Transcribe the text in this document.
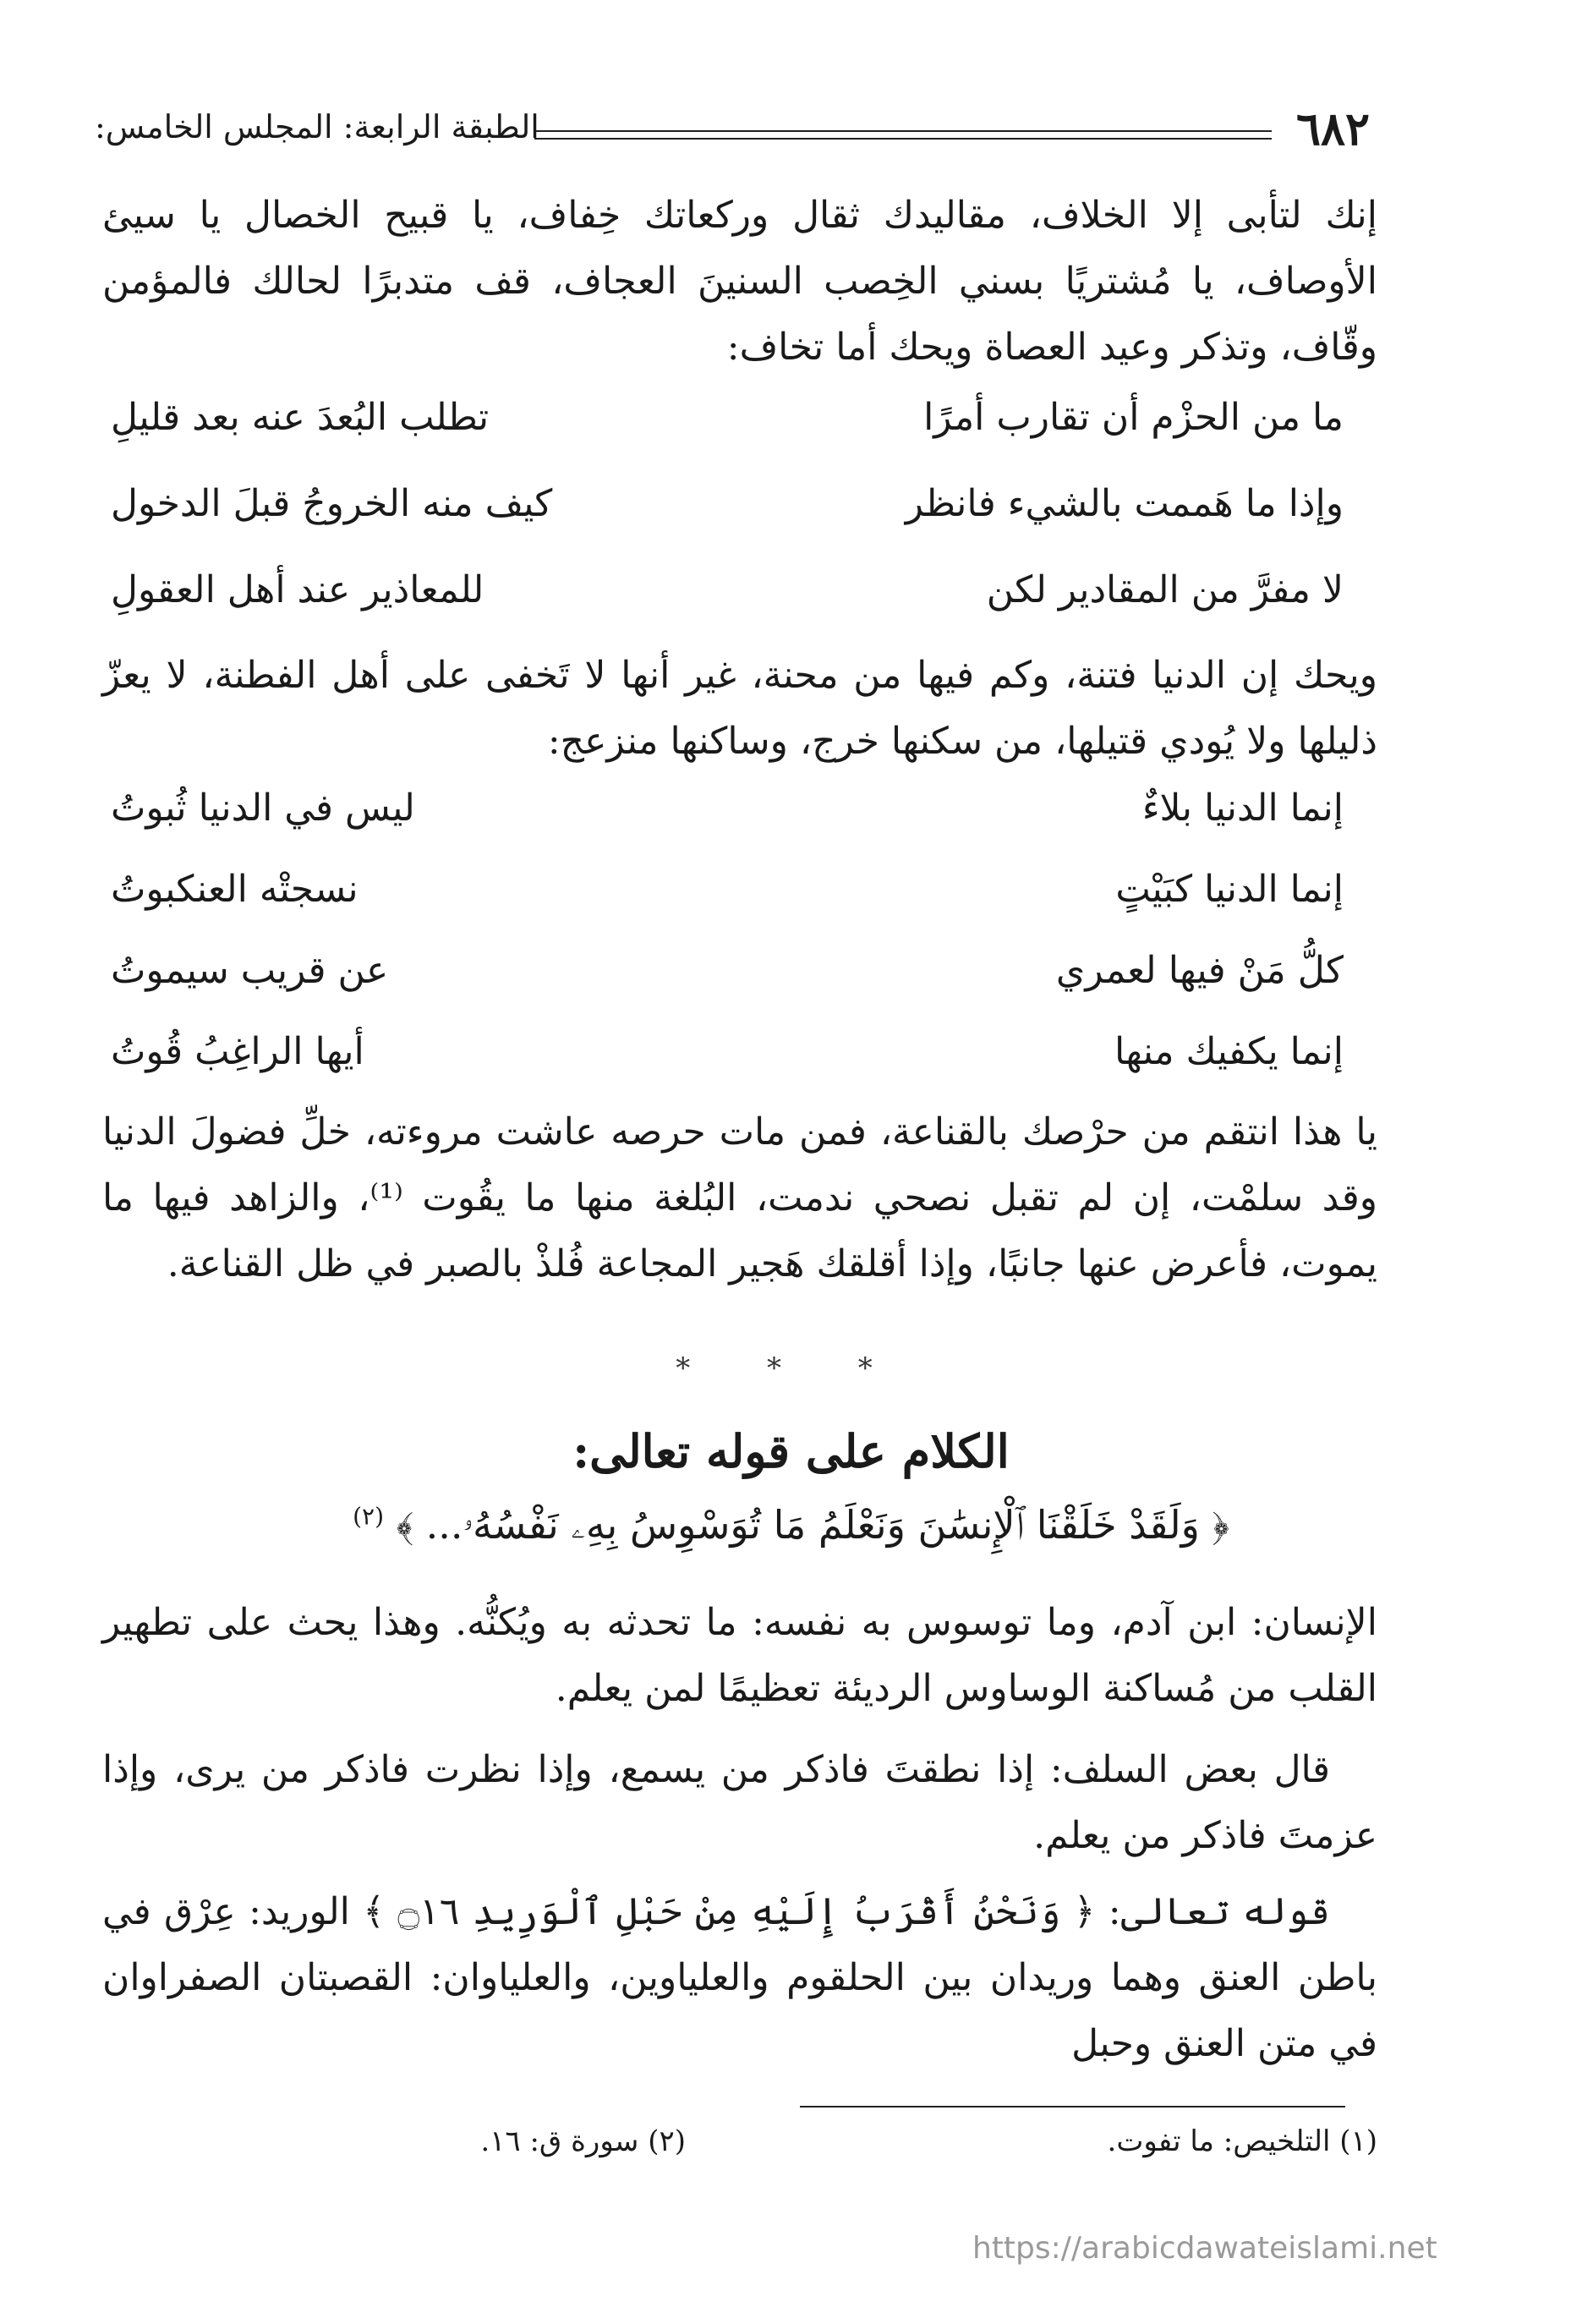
٦٨٢
الطبقة الرابعة: المجلس الخامس:
إنك لتأبى إلا الخلاف، مقاليدك ثقال وركعاتك خِفاف، يا قبيح الخصال يا سيئ الأوصاف، يا مُشتريًا بسني الخِصب السنينَ العجاف، قف متدبرًا لحالك فالمؤمن وقّاف، وتذكر وعيد العصاة ويحك أما تخاف:
ما من الحزْم أن تقارب أمرًا
تطلب البُعدَ عنه بعد قليلِ
وإذا ما هَممت بالشيء فانظر
كيف منه الخروجُ قبلَ الدخول
لا مفرَّ من المقادير لكن
للمعاذير عند أهل العقولِ
ويحك إن الدنيا فتنة، وكم فيها من محنة، غير أنها لا تَخفى على أهل الفطنة، لا يعزّ ذليلها ولا يُودي قتيلها، من سكنها خرج، وساكنها منزعج:
إنما الدنيا بلاءٌ
ليس في الدنيا ثُبوتُ
إنما الدنيا كبَيْتٍ
نسجتْه العنكبوتُ
كلُّ مَنْ فيها لعمري
عن قريب سيموتُ
إنما يكفيك منها
أيها الراغِبُ قُوتُ
يا هذا انتقم من حرْصك بالقناعة، فمن مات حرصه عاشت مروءته، خلِّ فضولَ الدنيا وقد سلمْت، إن لم تقبل نصحي ندمت، البُلغة منها ما يقُوت ⁽¹⁾، والزاهد فيها ما يموت، فأعرض عنها جانبًا، وإذا أقلقك هَجير المجاعة فُلذْ بالصبر في ظل القناعة.
* * *
الكلام على قوله تعالى:
﴿ وَلَقَدْ خَلَقْنَا ٱلْإِنسَٰنَ وَنَعْلَمُ مَا تُوَسْوِسُ بِهِۦ نَفْسُهُۥ... ﴾ $^{(٢)}$
الإنسان: ابن آدم، وما توسوس به نفسه: ما تحدثه به ويُكنُّه. وهذا يحث على تطهير القلب من مُساكنة الوساوس الرديئة تعظيمًا لمن يعلم.
قال بعض السلف: إذا نطقتَ فاذكر من يسمع، وإذا نظرت فاذكر من يرى، وإذا عزمتَ فاذكر من يعلم.
قوله تعالى: ﴿ وَنَحْنُ أَقْرَبُ إِلَيْهِ مِنْ حَبْلِ ٱلْوَرِيدِ ۝١٦ ﴾ الوريد: عِرْق في باطن العنق وهما وريدان بين الحلقوم والعلياوين، والعلياوان: القصبتان الصفراوان في متن العنق وحبل
(١) التلخيص: ما تفوت.
(٢) سورة ق: ١٦.
https://arabicdawateislami.net
